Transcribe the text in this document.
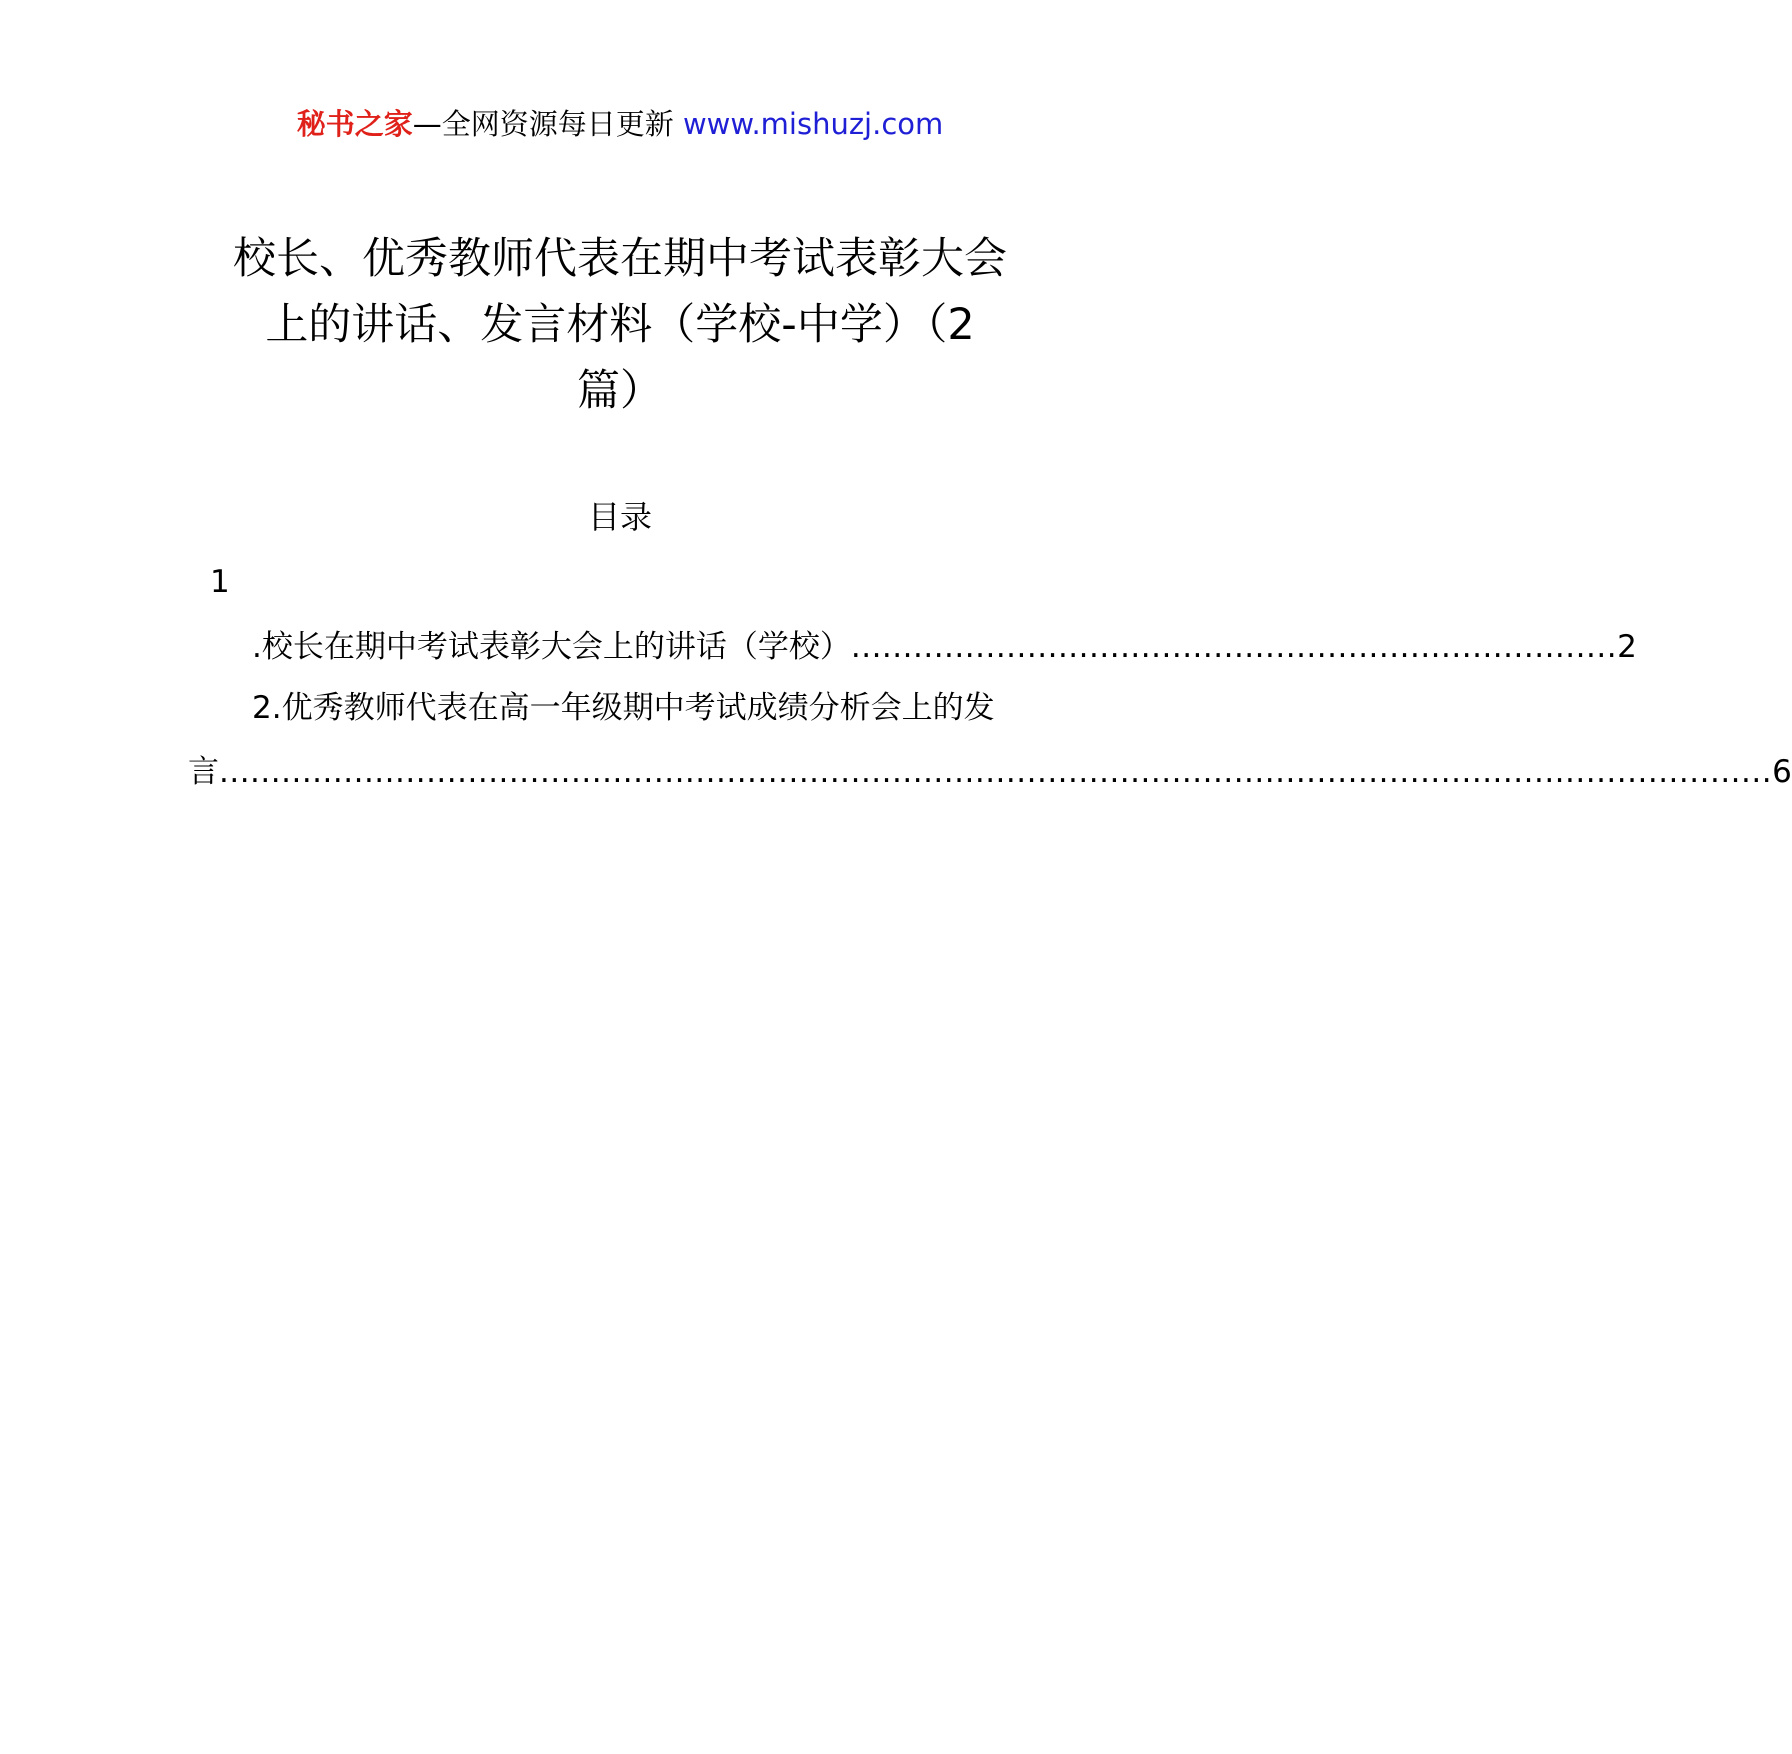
秘书之家—全网资源每日更新 www.mishuzj.com
校长、优秀教师代表在期中考试表彰大会
上的讲话、发言材料（学校-中学）（2
篇）
目录
1
.校长在期中考试表彰大会上的讲话（学校） .......................................................................... 2
2.优秀教师代表在高一年级期中考试成绩分析会上的发
言 ...................................................................................................................................................... 6
